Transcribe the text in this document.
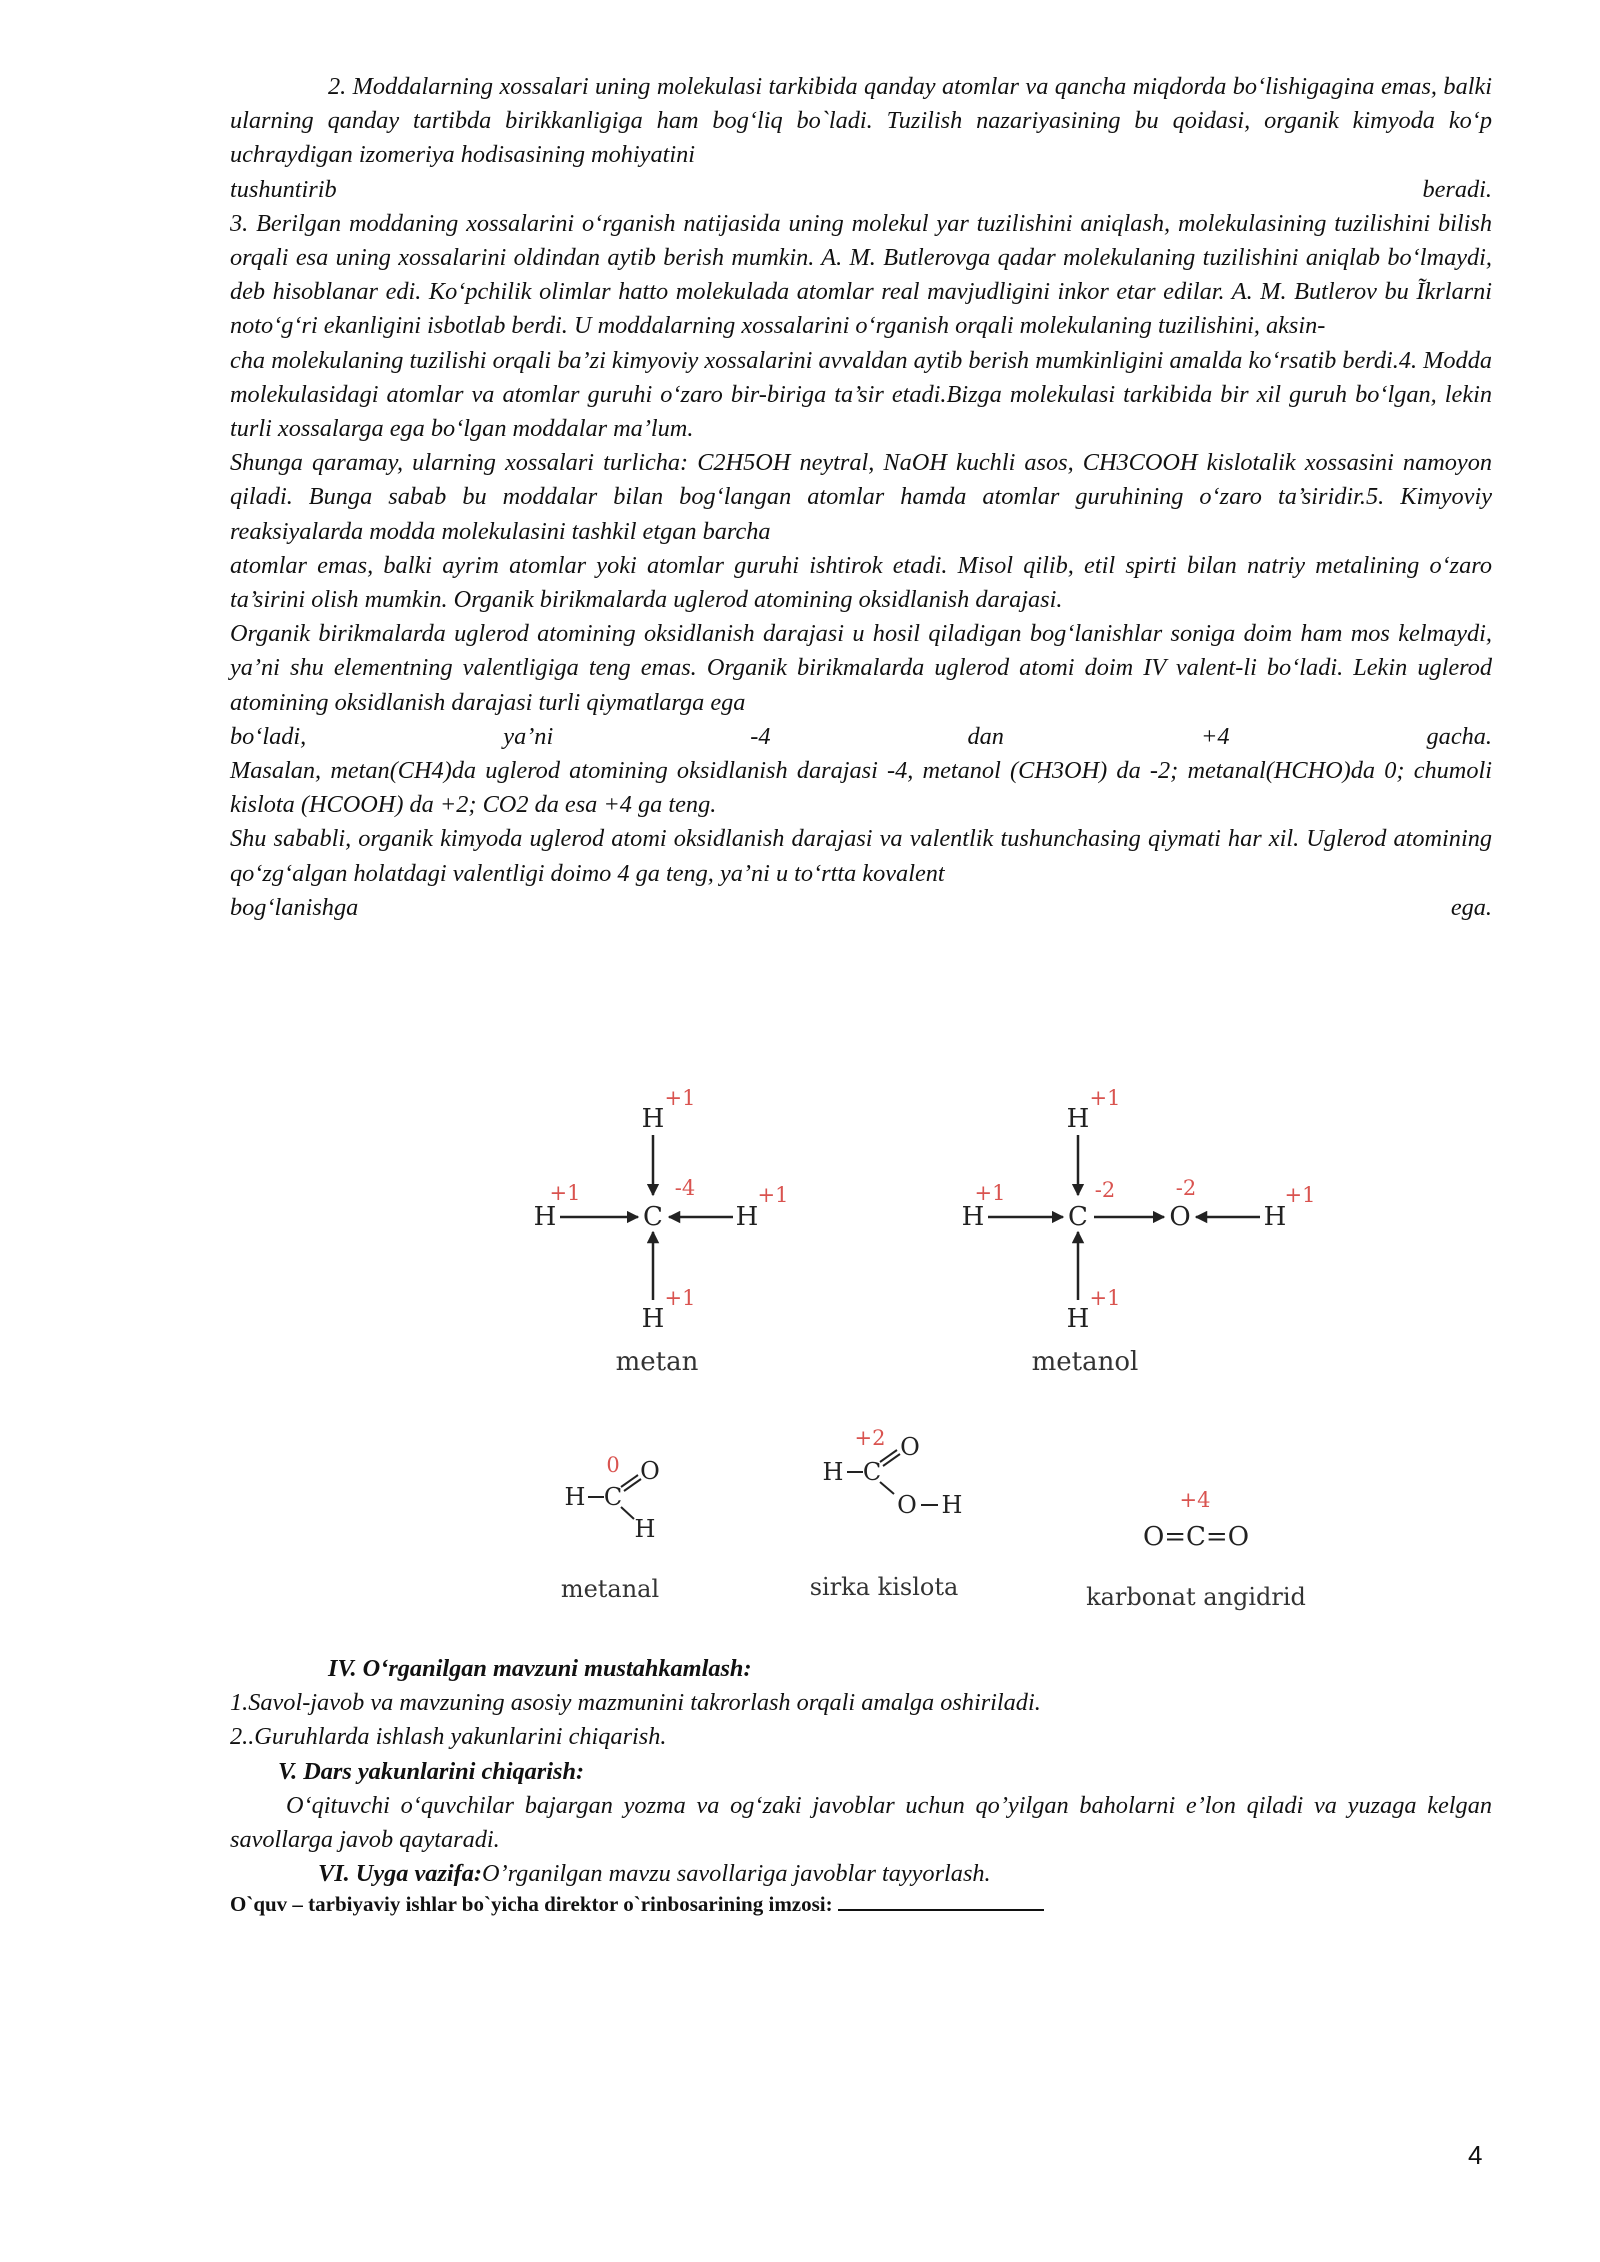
2. Moddalarning xossalari uning molekulasi tarkibida qanday atomlar va qancha miqdorda bo‘lishigagina emas, balki ularning qanday tartibda birikkanligiga ham bog‘liq bo`ladi. Tuzilish nazariyasining bu qoidasi, organik kimyoda ko‘p uchraydigan izomeriya hodisasining mohiyatini

tushuntirib	beradi.

3. Berilgan moddaning xossalarini o‘rganish natijasida uning molekul yar tuzilishini aniqlash, molekulasining tuzilishini bilish orqali esa uning xossalarini oldindan aytib berish mumkin. A. M. Butlerovga qadar molekulaning tuzilishini aniqlab bo‘lmaydi, deb hisoblanar edi. Ko‘pchilik olimlar hatto molekulada atomlar real mavjudligini inkor etar edilar. A. M. Butlerov bu Ĩkrlarni noto‘g‘ri ekanligini isbotlab berdi. U moddalarning xossalarini o‘rganish orqali molekulaning tuzilishini, aksin-

cha molekulaning tuzilishi orqali ba’zi kimyoviy xossalarini avvaldan aytib berish mumkinligini amalda ko‘rsatib berdi.4. Modda molekulasidagi atomlar va atomlar guruhi o‘zaro bir-biriga ta’sir etadi.Bizga molekulasi tarkibida bir xil guruh bo‘lgan, lekin turli xossalarga ega bo‘lgan moddalar ma’lum.

Shunga qaramay, ularning xossalari turlicha: C2H5OH neytral, NaOH kuchli asos, CH3COOH kislotalik xossasini namoyon qiladi. Bunga sabab bu moddalar bilan bog‘langan atomlar hamda atomlar guruhining o‘zaro ta’siridir.5. Kimyoviy reaksiyalarda modda molekulasini tashkil etgan barcha

atomlar emas, balki ayrim atomlar yoki atomlar guruhi ishtirok etadi. Misol qilib, etil spirti bilan natriy metalining o‘zaro ta’sirini olish mumkin. Organik birikmalarda uglerod atomining oksidlanish darajasi.

Organik birikmalarda uglerod atomining oksidlanish darajasi u hosil qiladigan bog‘lanishlar soniga doim ham mos kelmaydi, ya’ni shu elementning valentligiga teng emas. Organik birikmalarda uglerod atomi doim IV valent-li bo‘ladi. Lekin uglerod atomining oksidlanish darajasi turli qiymatlarga ega

bo‘ladi,	ya’ni	-4	dan	+4	gacha.

Masalan, metan(CH4)da uglerod atomining oksidlanish darajasi -4, metanol (CH3OH) da -2; metanal(HCHO)da 0; chumoli kislota (HCOOH) da +2; CO2 da esa +4 ga teng.

Shu sababli, organik kimyoda uglerod atomi oksidlanish darajasi va valentlik tushunchasing qiymati har xil. Uglerod atomining qo‘zg‘algan holatdagi valentligi doimo 4 ga teng, ya’ni u to‘rtta kovalent

bog‘lanishga	ega.

H
+1
C
-4
H
+1
H
+1
H
+1
metan
H
+1
C
-2
H
+1
O
-2
H
+1
H
+1
metanol
0
H C
O
H
metanal
+2
H C
O
O H
sirka kislota
+4
O=C=O
karbonat angidrid

IV. O‘rganilgan mavzuni mustahkamlash:

1.Savol-javob va mavzuning asosiy mazmunini takrorlash orqali amalga oshiriladi.

2..Guruhlarda ishlash yakunlarini chiqarish.

V. Dars yakunlarini chiqarish:

O‘qituvchi o‘quvchilar bajargan yozma va og‘zaki javoblar uchun qo’yilgan baholarni e’lon qiladi va yuzaga kelgan savollarga javob qaytaradi.

VI. Uyga vazifa:O’rganilgan mavzu savollariga javoblar tayyorlash.

O`quv – tarbiyaviy ishlar bo`yicha direktor o`rinbosarining imzosi:

4
